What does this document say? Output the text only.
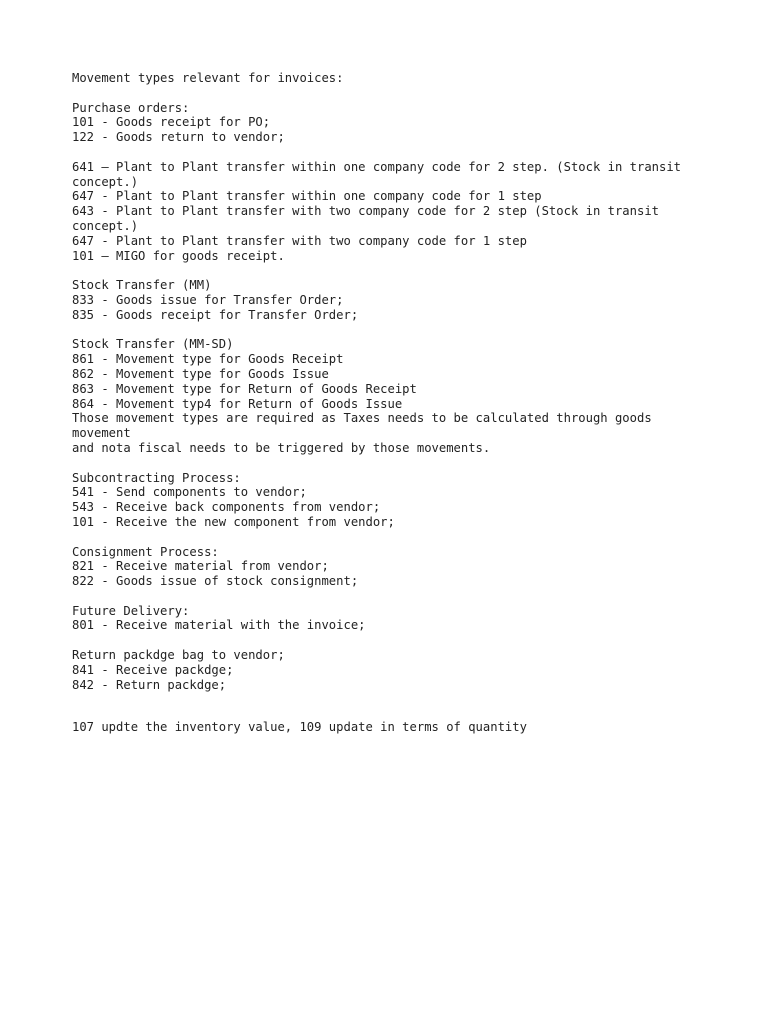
Movement types relevant for invoices:
Purchase orders:
101 - Goods receipt for PO;
122 - Goods return to vendor;
641 – Plant to Plant transfer within one company code for 2 step. (Stock in transit
concept.)
647 - Plant to Plant transfer within one company code for 1 step
643 - Plant to Plant transfer with two company code for 2 step (Stock in transit
concept.)
647 - Plant to Plant transfer with two company code for 1 step
101 – MIGO for goods receipt.
Stock Transfer (MM)
833 - Goods issue for Transfer Order;
835 - Goods receipt for Transfer Order;
Stock Transfer (MM-SD)
861 - Movement type for Goods Receipt
862 - Movement type for Goods Issue
863 - Movement type for Return of Goods Receipt
864 - Movement typ4 for Return of Goods Issue
Those movement types are required as Taxes needs to be calculated through goods
movement
and nota fiscal needs to be triggered by those movements.
Subcontracting Process:
541 - Send components to vendor;
543 - Receive back components from vendor;
101 - Receive the new component from vendor;
Consignment Process:
821 - Receive material from vendor;
822 - Goods issue of stock consignment;
Future Delivery:
801 - Receive material with the invoice;
Return packdge bag to vendor;
841 - Receive packdge;
842 - Return packdge;
107 updte the inventory value, 109 update in terms of quantity
